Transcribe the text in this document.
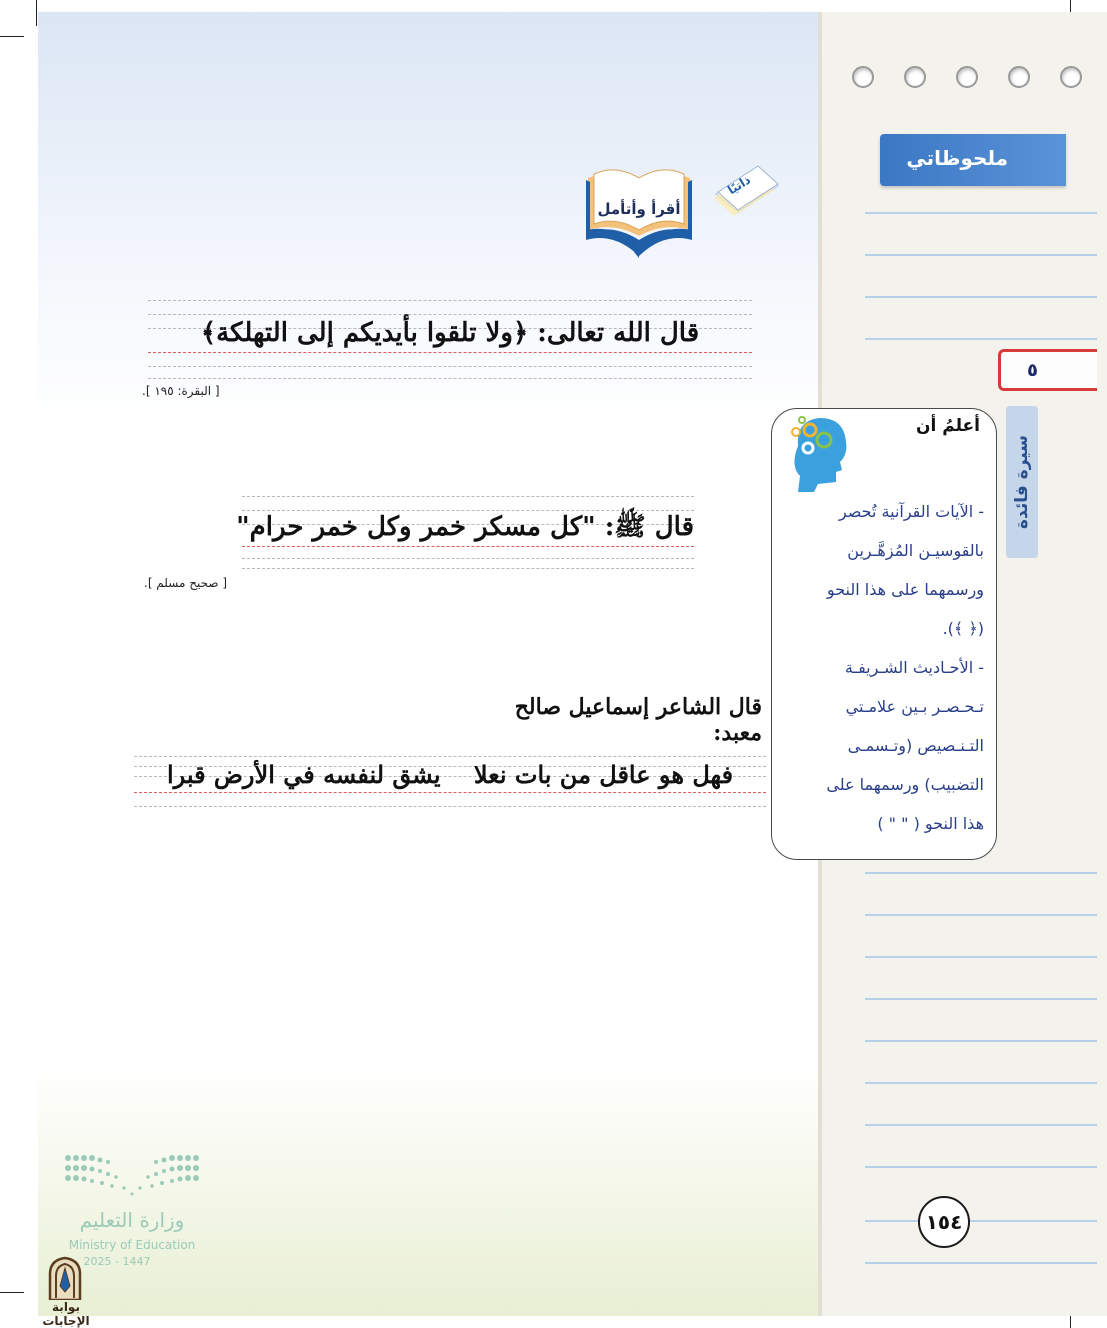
ملحوظاتي
٥
سيرة فائدة
ذاتيًا
أقرأ وأتأمل
قال الله تعالى: ﴿ولا تلقوا بأيديكم إلى التهلكة﴾
[ البقرة: ١٩٥ ].
قال ﷺ: "كل مسكر خمر وكل خمر حرام"
[ صحيح مسلم ].
قال الشاعر إسماعيل صالح معبد:
فهل هو عاقل من بات نعلا    يشق لنفسه في الأرض قبرا
أعلمُ أن
- الآيات القرآنية تُحصر
بالقوسيـن المُزهَّـرين
ورسمهما على هذا النحو
(﴿ ﴾).
- الأحـاديث الشـريفـة
تـحـصـر بـين علامـتي
التـنـصيص (وتـسمـى
التضبيب) ورسمهما على
هذا النحو ( " " )
١٥٤
وزارة التعليم
Ministry of Education
2025 - 1447
بوابة الإجابات
